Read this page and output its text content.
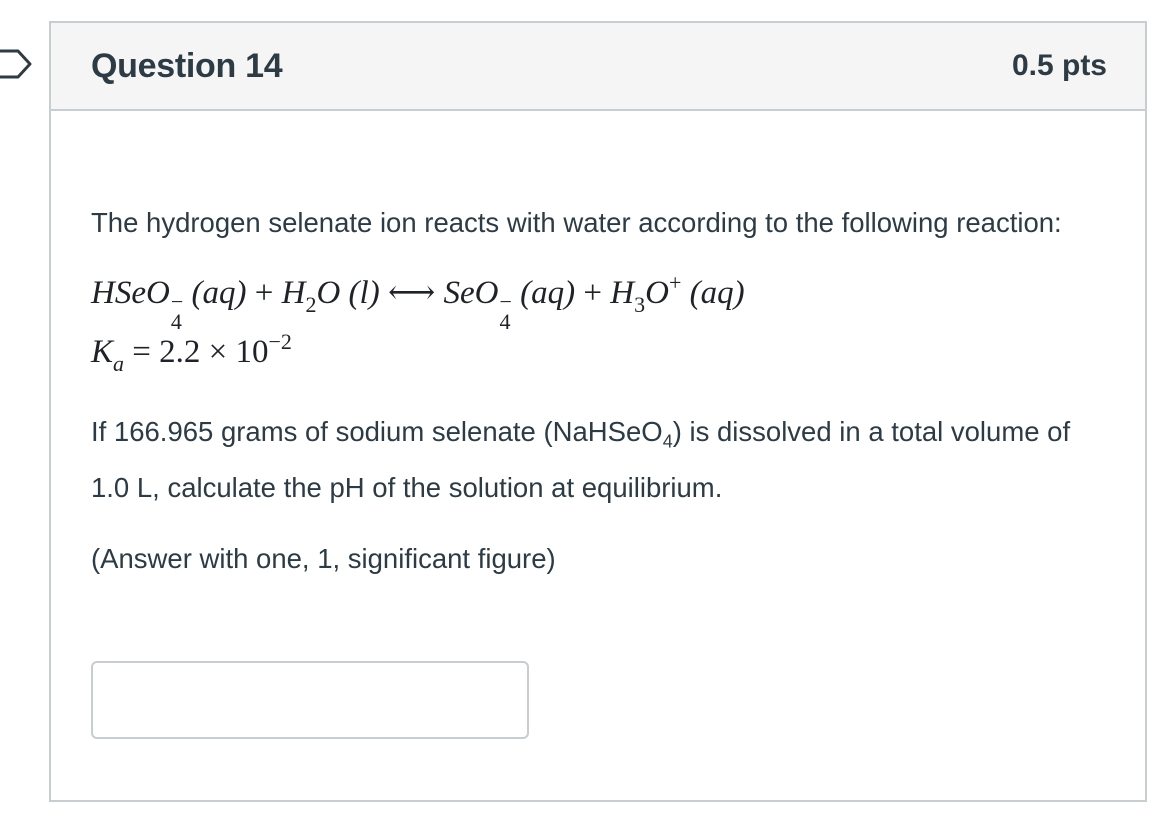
Question 14	0.5 pts

The hydrogen selenate ion reacts with water according to the following reaction:

HSeO −
4
$(aq) + H_2O$ (l) ⟷ SeO −
4
$(aq) + H_3O^+$ (aq)
$K_a = 2.2 \times 10^{-2}$

If 166.965 grams of sodium selenate (NaHSeO$_4$) is dissolved in a total volume of 1.0 L, calculate the pH of the solution at equilibrium.

(Answer with one, 1, significant figure)
